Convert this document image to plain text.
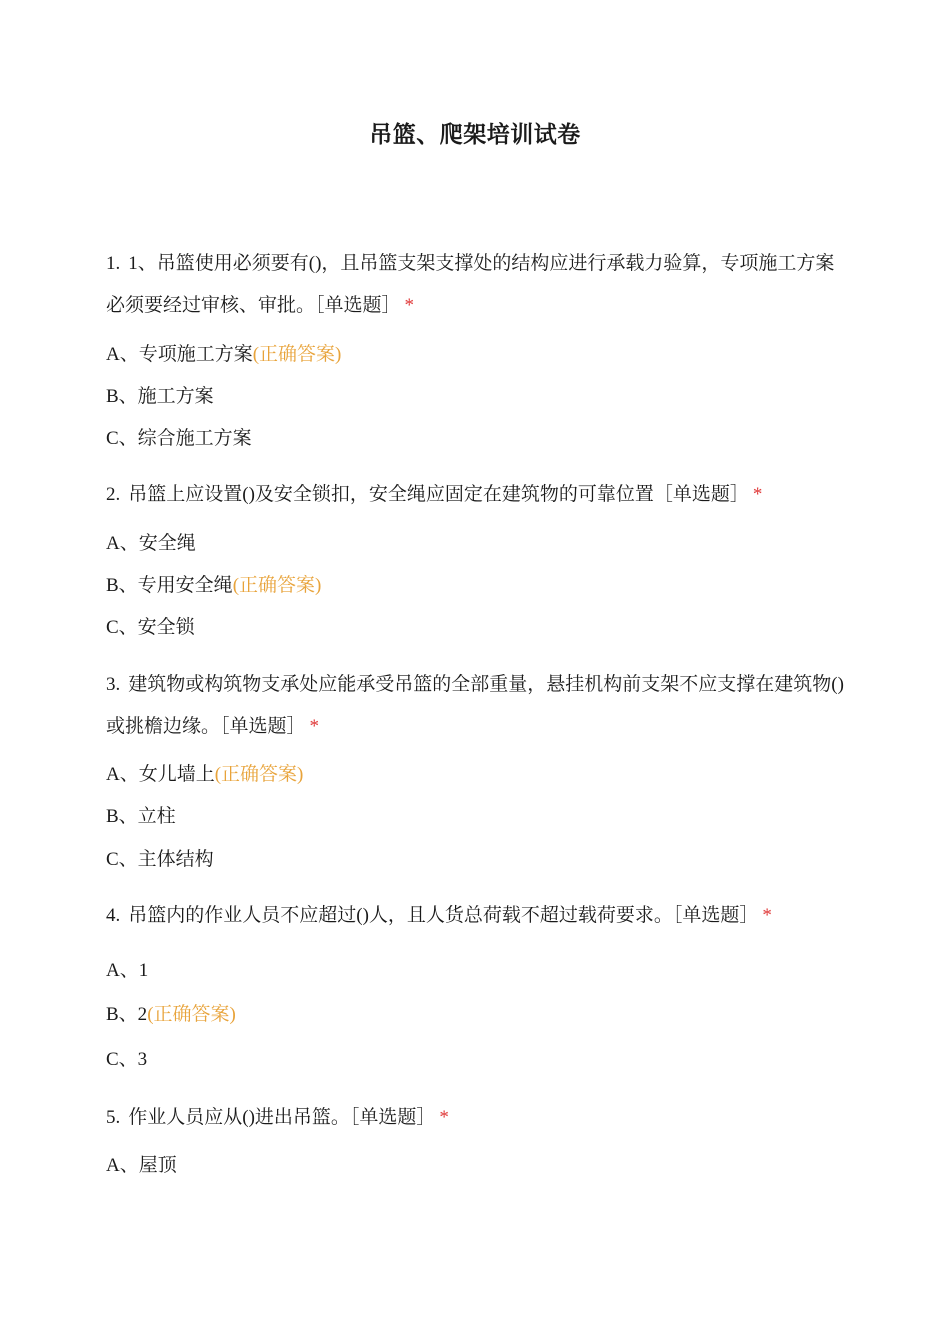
吊篮、爬架培训试卷
1. 1、吊篮使用必须要有()，且吊篮支架支撑处的结构应进行承载力验算，专项施工方案必须要经过审核、审批。［单选题］ *
A、专项施工方案(正确答案)
B、施工方案
C、综合施工方案
2. 吊篮上应设置()及安全锁扣，安全绳应固定在建筑物的可靠位置［单选题］ *
A、安全绳
B、专用安全绳(正确答案)
C、安全锁
3. 建筑物或构筑物支承处应能承受吊篮的全部重量，悬挂机构前支架不应支撑在建筑物()或挑檐边缘。［单选题］ *
A、女儿墙上(正确答案)
B、立柱
C、主体结构
4. 吊篮内的作业人员不应超过()人，且人货总荷载不超过载荷要求。［单选题］ *
A、1
B、2(正确答案)
C、3
5. 作业人员应从()进出吊篮。［单选题］ *
A、屋顶
